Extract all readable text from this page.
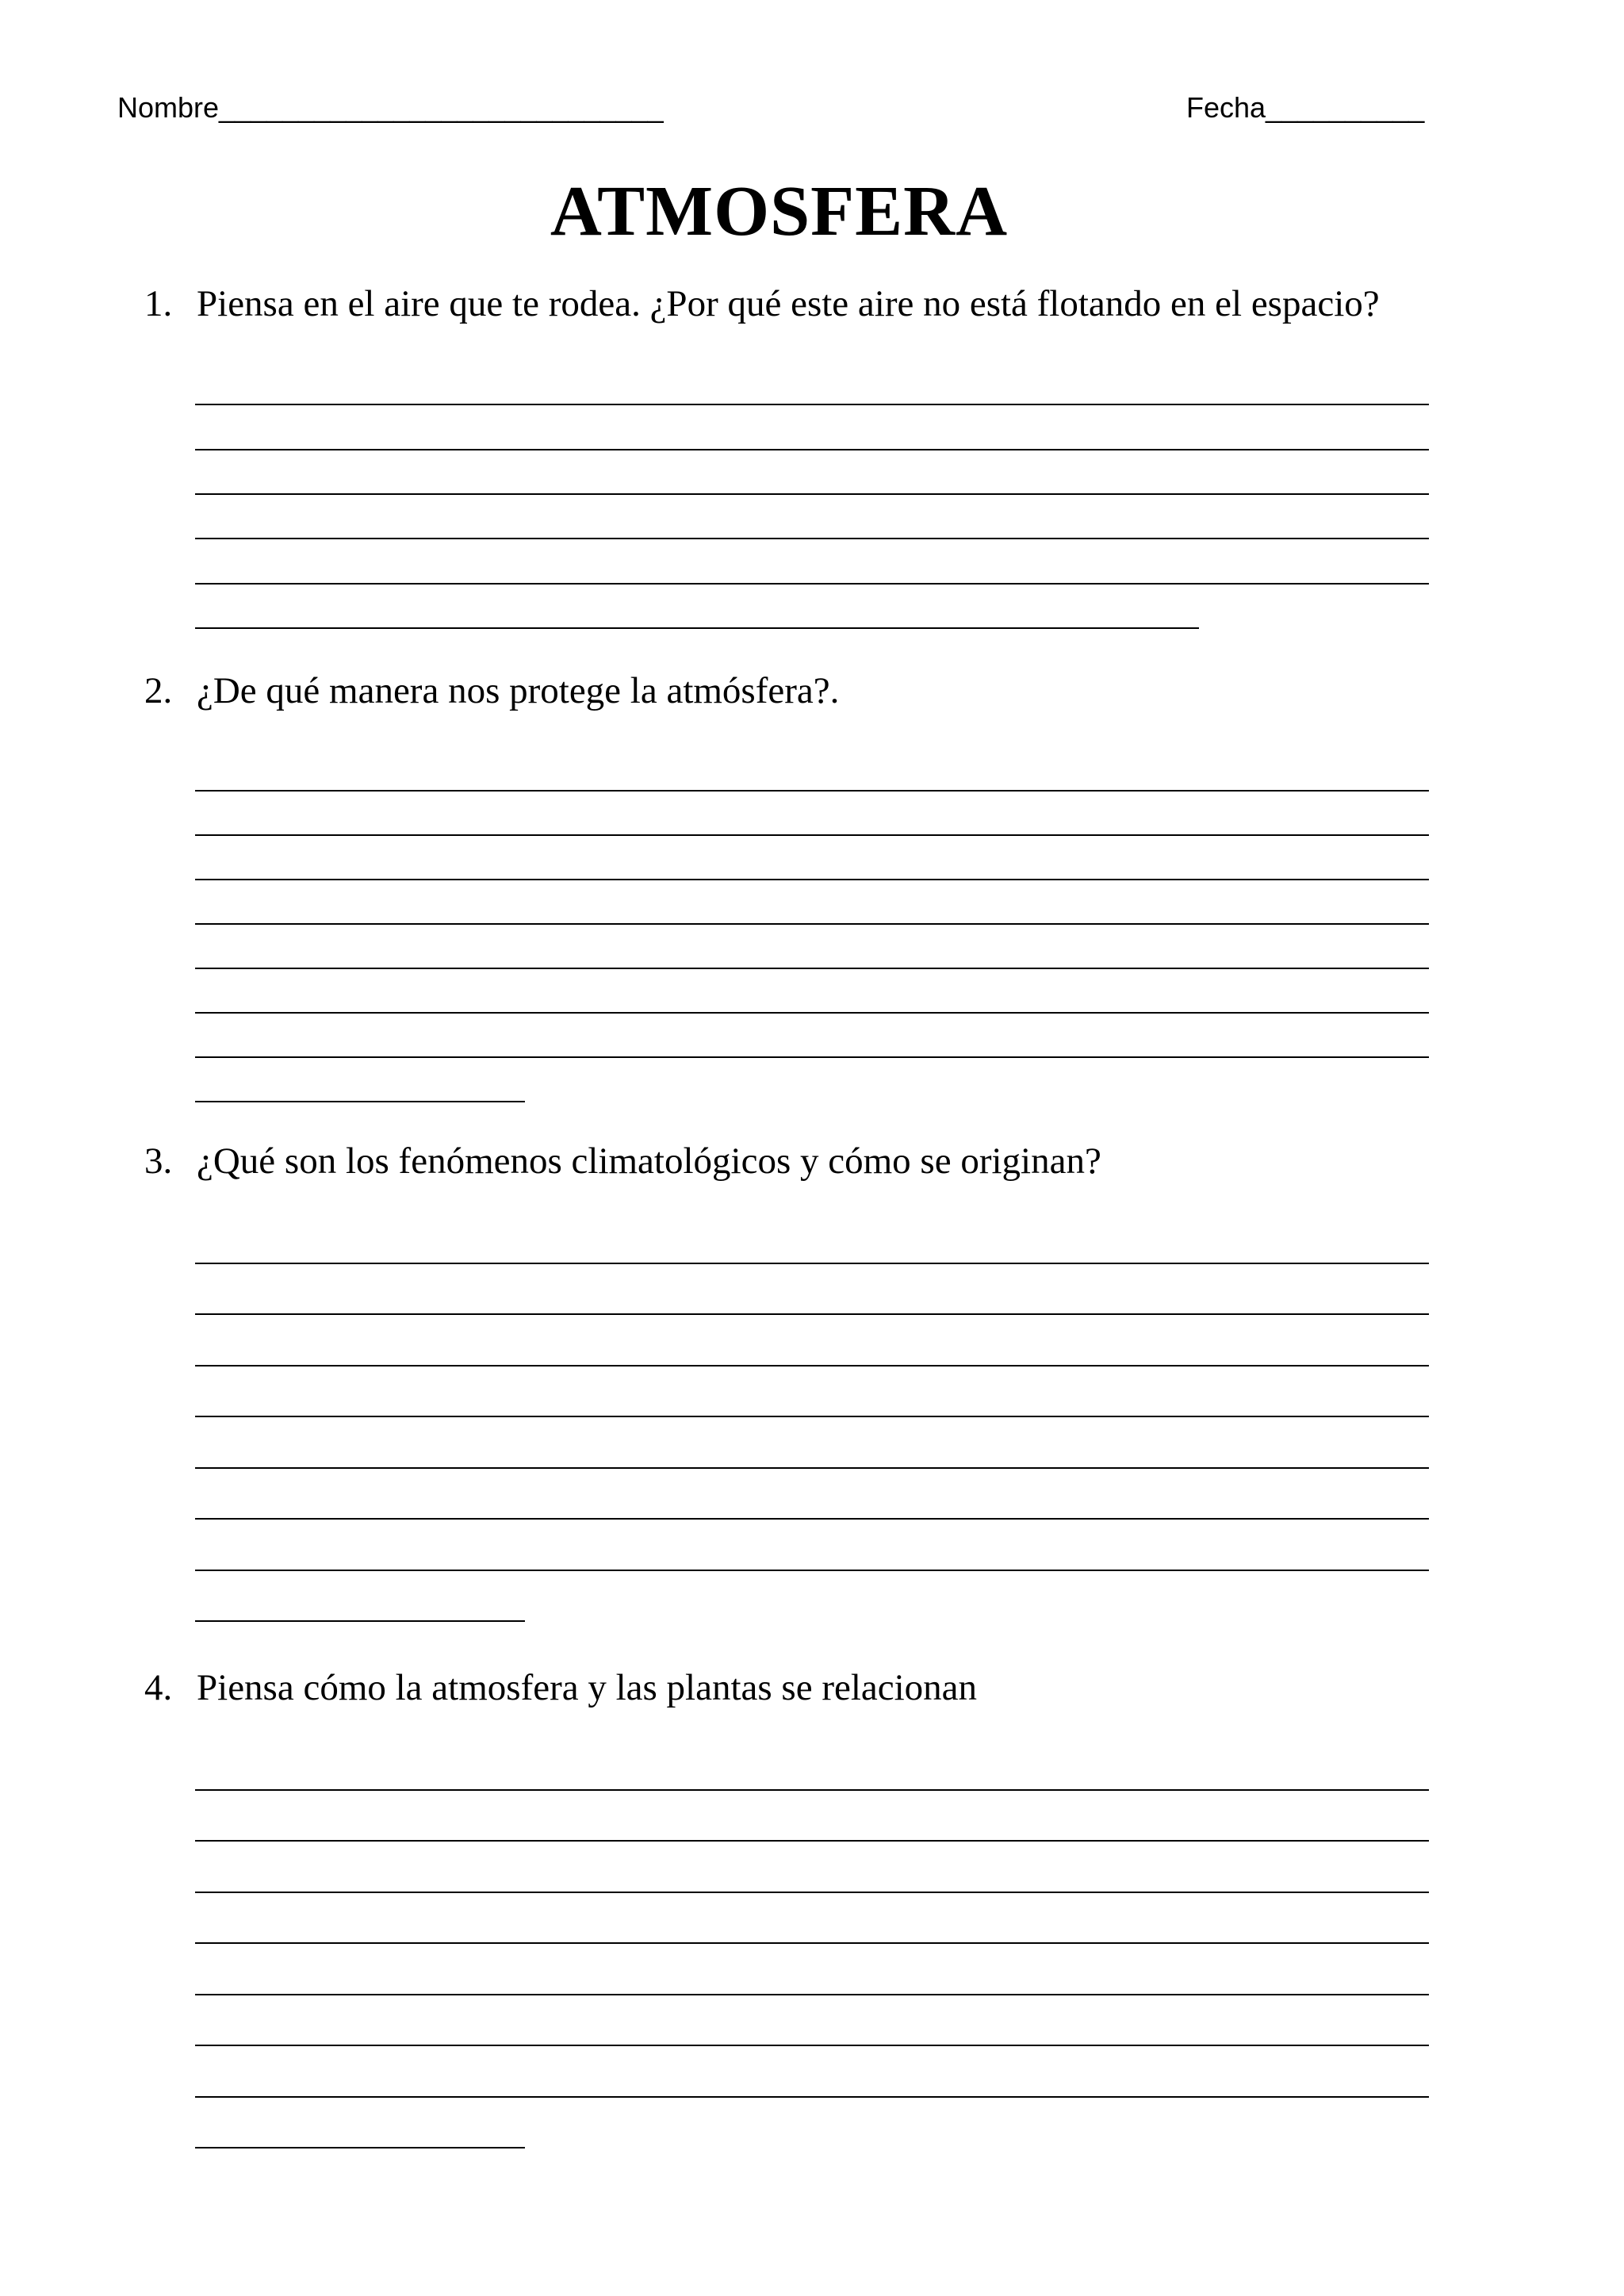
Nombre____________________________	Fecha__________
ATMOSFERA
1. Piensa en el aire que te rodea. ¿Por qué este aire no está flotando en el espacio?
2. ¿De qué manera nos protege la atmósfera?.
3. ¿Qué son los fenómenos climatológicos y cómo se originan?
4. Piensa cómo la atmosfera y las plantas se relacionan
